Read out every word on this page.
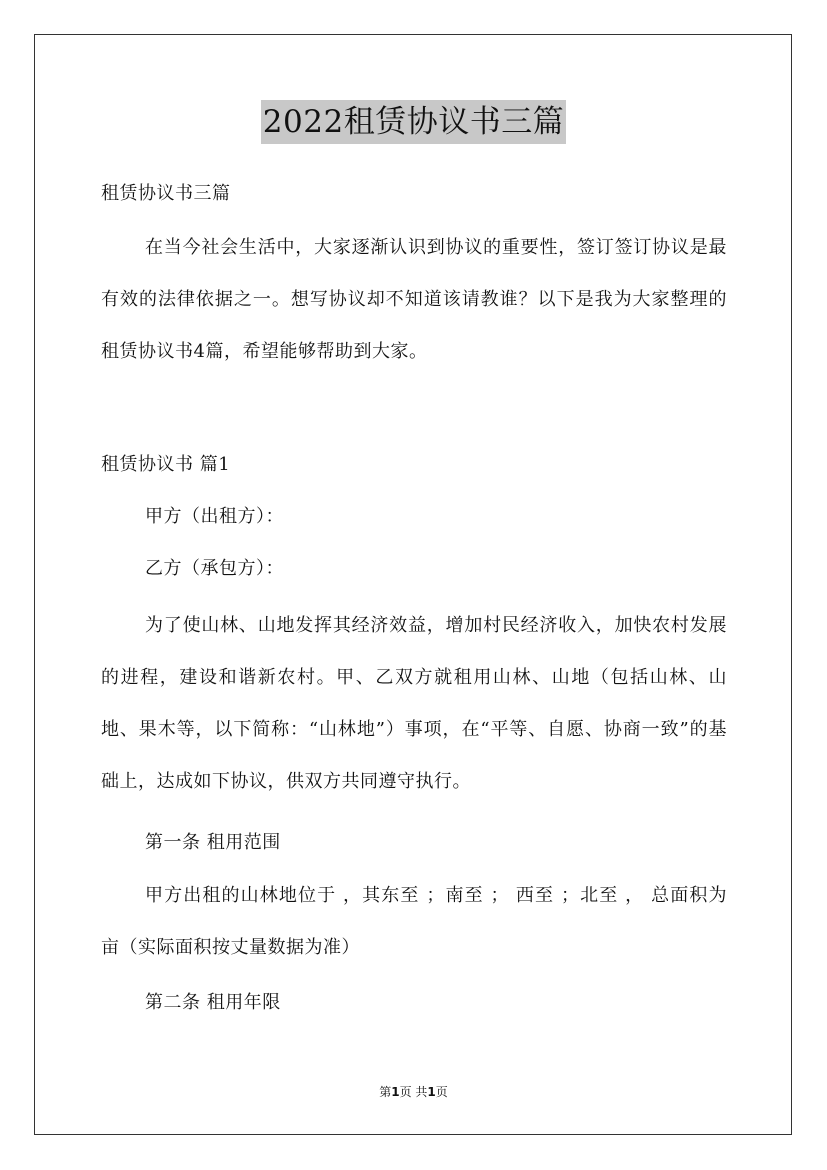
2022租赁协议书三篇
租赁协议书三篇
在当今社会生活中，大家逐渐认识到协议的重要性，签订签订协议是最有效的法律依据之一。想写协议却不知道该请教谁？以下是我为大家整理的租赁协议书4篇，希望能够帮助到大家。
租赁协议书 篇1
甲方（出租方）：
乙方（承包方）：
为了使山林、山地发挥其经济效益，增加村民经济收入，加快农村发展的进程，建设和谐新农村。甲、乙双方就租用山林、山地（包括山林、山地、果木等，以下简称：“山林地”）事项，在“平等、自愿、协商一致”的基础上，达成如下协议，供双方共同遵守执行。
第一条 租用范围
甲方出租的山林地位于 ，其东至 ；南至 ； 西至 ；北至 ， 总面积为 亩（实际面积按丈量数据为准）
第二条 租用年限
第1页 共1页
